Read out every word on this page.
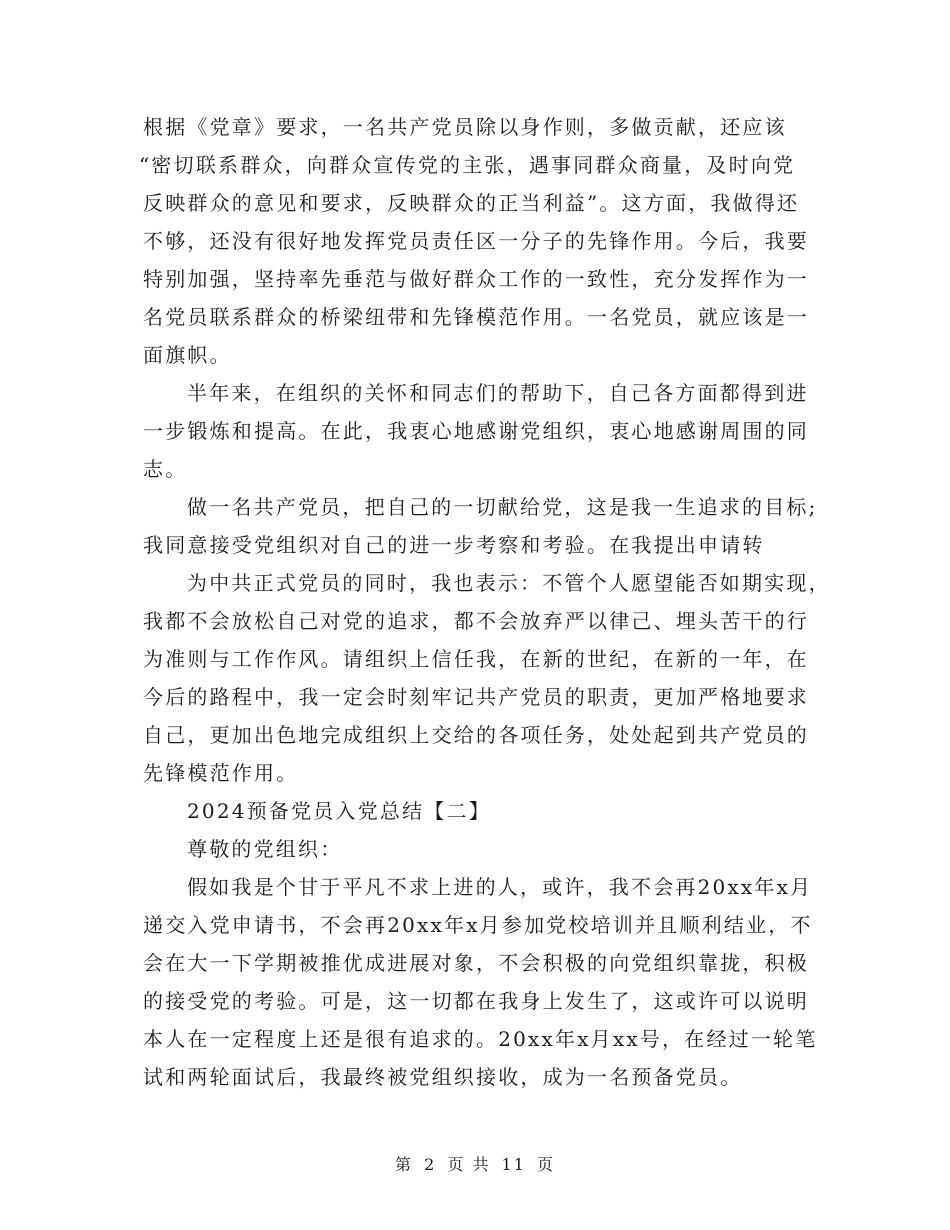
根据《党章》要求，一名共产党员除以身作则，多做贡献，还应该
“密切联系群众，向群众宣传党的主张，遇事同群众商量，及时向党
反映群众的意见和要求，反映群众的正当利益”。这方面，我做得还
不够，还没有很好地发挥党员责任区一分子的先锋作用。今后，我要
特别加强，坚持率先垂范与做好群众工作的一致性，充分发挥作为一
名党员联系群众的桥梁纽带和先锋模范作用。一名党员，就应该是一
面旗帜。
半年来，在组织的关怀和同志们的帮助下，自己各方面都得到进
一步锻炼和提高。在此，我衷心地感谢党组织，衷心地感谢周围的同
志。
做一名共产党员，把自己的一切献给党，这是我一生追求的目标;
我同意接受党组织对自己的进一步考察和考验。在我提出申请转
为中共正式党员的同时，我也表示：不管个人愿望能否如期实现，
我都不会放松自己对党的追求，都不会放弃严以律己、埋头苦干的行
为准则与工作作风。请组织上信任我，在新的世纪，在新的一年，在
今后的路程中，我一定会时刻牢记共产党员的职责，更加严格地要求
自己，更加出色地完成组织上交给的各项任务，处处起到共产党员的
先锋模范作用。
2024预备党员入党总结【二】
尊敬的党组织：
假如我是个甘于平凡不求上进的人，或许，我不会再20xx年x月
递交入党申请书，不会再20xx年x月参加党校培训并且顺利结业，不
会在大一下学期被推优成进展对象，不会积极的向党组织靠拢，积极
的接受党的考验。可是，这一切都在我身上发生了，这或许可以说明
本人在一定程度上还是很有追求的。20xx年x月xx号，在经过一轮笔
试和两轮面试后，我最终被党组织接收，成为一名预备党员。
第 2 页 共 11 页
